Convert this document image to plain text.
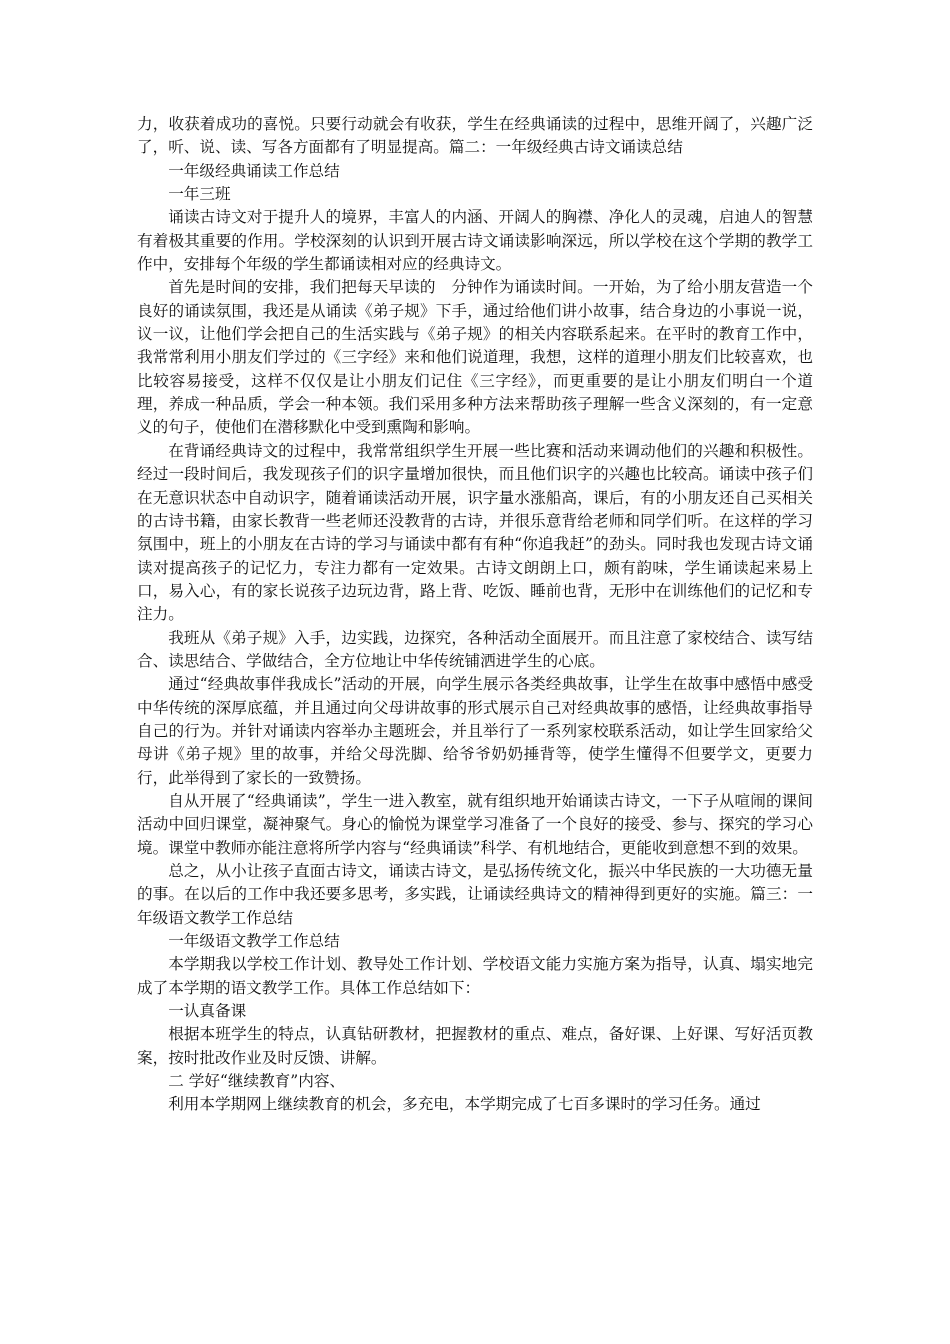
力，收获着成功的喜悦。只要行动就会有收获，学生在经典诵读的过程中，思维开阔了，兴趣广泛了，听、说、读、写各方面都有了明显提高。篇二：一年级经典古诗文诵读总结

一年级经典诵读工作总结

一年三班

诵读古诗文对于提升人的境界，丰富人的内涵、开阔人的胸襟、净化人的灵魂，启迪人的智慧有着极其重要的作用。学校深刻的认识到开展古诗文诵读影响深远，所以学校在这个学期的教学工作中，安排每个年级的学生都诵读相对应的经典诗文。

首先是时间的安排，我们把每天早读的　分钟作为诵读时间。一开始，为了给小朋友营造一个良好的诵读氛围，我还是从诵读《弟子规》下手，通过给他们讲小故事，结合身边的小事说一说，议一议，让他们学会把自己的生活实践与《弟子规》的相关内容联系起来。在平时的教育工作中，我常常利用小朋友们学过的《三字经》来和他们说道理，我想，这样的道理小朋友们比较喜欢，也比较容易接受，这样不仅仅是让小朋友们记住《三字经》，而更重要的是让小朋友们明白一个道理，养成一种品质，学会一种本领。我们采用多种方法来帮助孩子理解一些含义深刻的，有一定意义的句子，使他们在潜移默化中受到熏陶和影响。

在背诵经典诗文的过程中，我常常组织学生开展一些比赛和活动来调动他们的兴趣和积极性。经过一段时间后，我发现孩子们的识字量增加很快，而且他们识字的兴趣也比较高。诵读中孩子们在无意识状态中自动识字，随着诵读活动开展，识字量水涨船高，课后，有的小朋友还自己买相关的古诗书籍，由家长教背一些老师还没教背的古诗，并很乐意背给老师和同学们听。在这样的学习氛围中，班上的小朋友在古诗的学习与诵读中都有有种“你追我赶”的劲头。同时我也发现古诗文诵读对提高孩子的记忆力，专注力都有一定效果。古诗文朗朗上口，颇有韵味，学生诵读起来易上口，易入心，有的家长说孩子边玩边背，路上背、吃饭、睡前也背，无形中在训练他们的记忆和专注力。

我班从《弟子规》入手，边实践，边探究，各种活动全面展开。而且注意了家校结合、读写结合、读思结合、学做结合，全方位地让中华传统铺洒进学生的心底。

通过“经典故事伴我成长”活动的开展，向学生展示各类经典故事，让学生在故事中感悟中感受中华传统的深厚底蕴，并且通过向父母讲故事的形式展示自己对经典故事的感悟，让经典故事指导自己的行为。并针对诵读内容举办主题班会，并且举行了一系列家校联系活动，如让学生回家给父母讲《弟子规》里的故事，并给父母洗脚、给爷爷奶奶捶背等，使学生懂得不但要学文，更要力行，此举得到了家长的一致赞扬。

自从开展了“经典诵读”，学生一进入教室，就有组织地开始诵读古诗文，一下子从喧闹的课间活动中回归课堂，凝神聚气。身心的愉悦为课堂学习准备了一个良好的接受、参与、探究的学习心境。课堂中教师亦能注意将所学内容与“经典诵读”科学、有机地结合，更能收到意想不到的效果。

总之，从小让孩子直面古诗文，诵读古诗文，是弘扬传统文化，振兴中华民族的一大功德无量的事。在以后的工作中我还要多思考，多实践，让诵读经典诗文的精神得到更好的实施。篇三：一年级语文教学工作总结

一年级语文教学工作总结

本学期我以学校工作计划、教导处工作计划、学校语文能力实施方案为指导，认真、塌实地完成了本学期的语文教学工作。具体工作总结如下：

一认真备课

根据本班学生的特点，认真钻研教材，把握教材的重点、难点，备好课、上好课、写好活页教案，按时批改作业及时反馈、讲解。

二 学好“继续教育”内容、

利用本学期网上继续教育的机会，多充电，本学期完成了七百多课时的学习任务。通过
